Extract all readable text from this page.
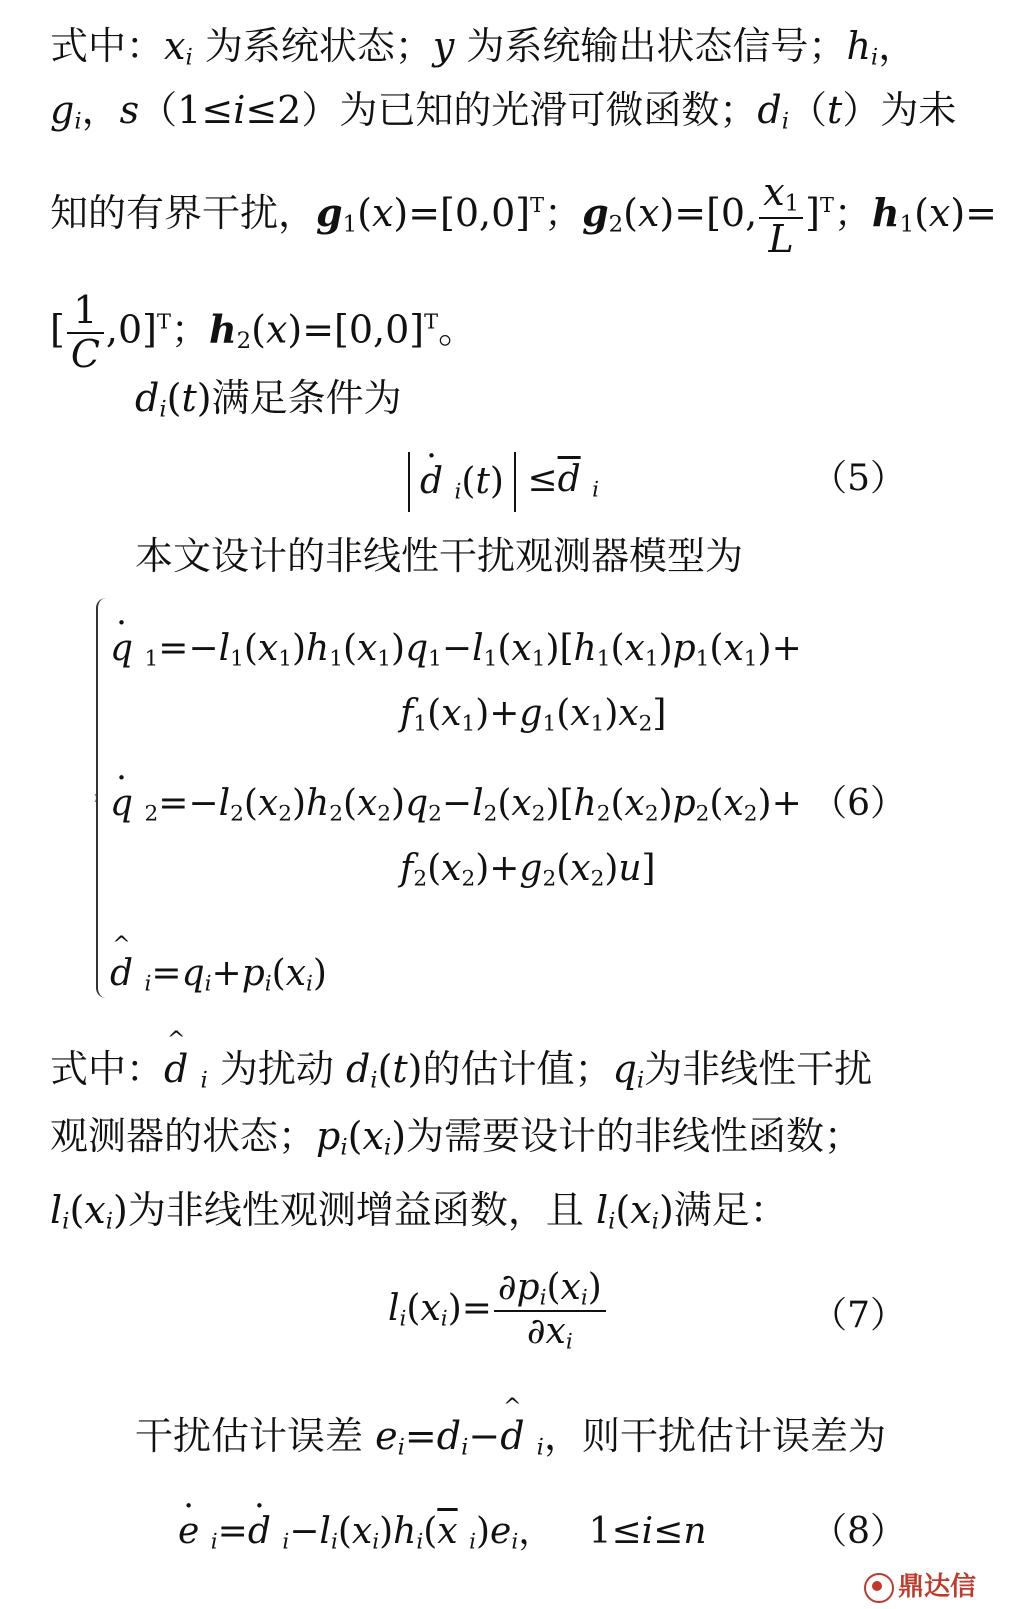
式中：$x_i$ 为系统状态；y 为系统输出状态信号；$h_i$，
$g_i$，s（1≤i≤2）为已知的光滑可微函数；$d_i(t)$为未
知的有界干扰，$g_1(x)=[0,0]^T$；$g_2(x)=[0$, $\frac{x_1}{L} ]^T$；$h_1(x)=$
[ $\frac{1}{C} ,0]^T$；$h_2(x)=[0,0]^T$。
$d_i(t)$满足条件为
· d $_i(t) \le\overline{d}$ $_i$	（5）
本文设计的非线性干扰观测器模型为
· q $_1=-l_1(x_1)h_1(x_1)q_1-l_1(x_1)[h_1(x_1)p_1(x_1)+$
$f_1(x_1)+g_1(x_1)x_2$]
· q $_2=-l_2(x_2)h_2(x_2)q_2-l_2(x_2)[h_2(x_2)p_2(x_2)+ (6)$
$f_2(x_2)+g_2(x_2)u$]
^ d $_i=q_i+p_i(x_i)$
式中：^ d $_i$ 为扰动 $d_i(t)$的估计值；$q_i$为非线性干扰
观测器的状态；$p_i(x_i)$为需要设计的非线性函数；
$l_i(x_i)$为非线性观测增益函数，且 $l_i(x_i)$满足：
$l_i(x_i)= \frac{\partial p_i(x_i)}{\partial x_i}$	（7）
干扰估计误差 $e_i=d_i-\^{}$ d $_i$，则干扰估计误差为
· e $_i$=· d $_i-l_i(x_i)h_i(\overline{x}$ $_i)e_i$，   1≤i≤n	（8）
鼎达信
